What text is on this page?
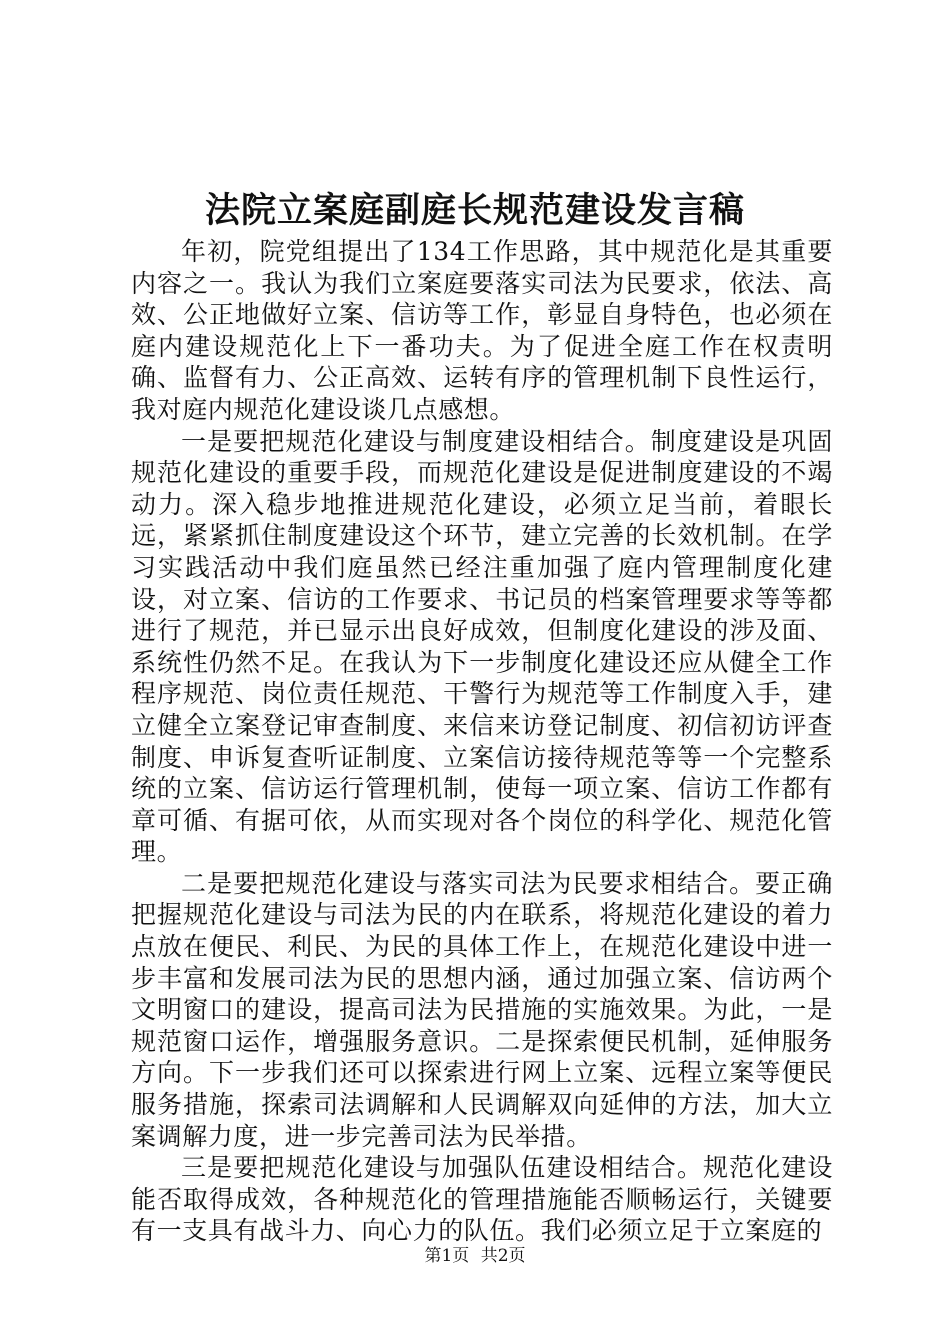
法院立案庭副庭长规范建设发言稿

年初，院党组提出了134工作思路，其中规范化是其重要内容之一。我认为我们立案庭要落实司法为民要求，依法、高效、公正地做好立案、信访等工作，彰显自身特色，也必须在庭内建设规范化上下一番功夫。为了促进全庭工作在权责明确、监督有力、公正高效、运转有序的管理机制下良性运行，我对庭内规范化建设谈几点感想。

一是要把规范化建设与制度建设相结合。制度建设是巩固规范化建设的重要手段，而规范化建设是促进制度建设的不竭动力。深入稳步地推进规范化建设，必须立足当前，着眼长远，紧紧抓住制度建设这个环节，建立完善的长效机制。在学习实践活动中我们庭虽然已经注重加强了庭内管理制度化建设，对立案、信访的工作要求、书记员的档案管理要求等等都进行了规范，并已显示出良好成效，但制度化建设的涉及面、系统性仍然不足。在我认为下一步制度化建设还应从健全工作程序规范、岗位责任规范、干警行为规范等工作制度入手，建立健全立案登记审查制度、来信来访登记制度、初信初访评查制度、申诉复查听证制度、立案信访接待规范等等一个完整系统的立案、信访运行管理机制，使每一项立案、信访工作都有章可循、有据可依，从而实现对各个岗位的科学化、规范化管理。

二是要把规范化建设与落实司法为民要求相结合。要正确把握规范化建设与司法为民的内在联系，将规范化建设的着力点放在便民、利民、为民的具体工作上，在规范化建设中进一步丰富和发展司法为民的思想内涵，通过加强立案、信访两个文明窗口的建设，提高司法为民措施的实施效果。为此，一是规范窗口运作，增强服务意识。二是探索便民机制，延伸服务方向。下一步我们还可以探索进行网上立案、远程立案等便民服务措施，探索司法调解和人民调解双向延伸的方法，加大立案调解力度，进一步完善司法为民举措。

三是要把规范化建设与加强队伍建设相结合。规范化建设能否取得成效，各种规范化的管理措施能否顺畅运行，关键要有一支具有战斗力、向心力的队伍。我们必须立足于立案庭的

第1页 共2页
